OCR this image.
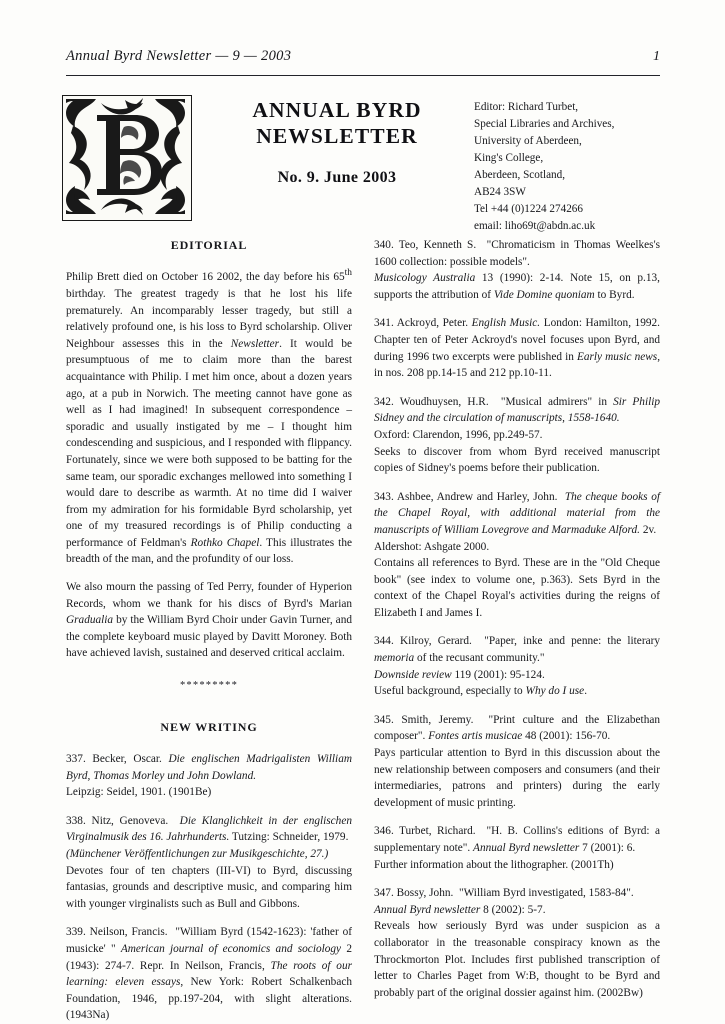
Annual Byrd Newsletter — 9 — 2003	1
ANNUAL BYRD
NEWSLETTER
No. 9. June 2003
Editor: Richard Turbet,
Special Libraries and Archives,
University of Aberdeen,
King's College,
Aberdeen, Scotland,
AB24 3SW
Tel +44 (0)1224 274266
email: liho69t@abdn.ac.uk
EDITORIAL

Philip Brett died on October 16 2002, the day before his 65th birthday. The greatest tragedy is that he lost his life prematurely. An incomparably lesser tragedy, but still a relatively profound one, is his loss to Byrd scholarship. Oliver Neighbour assesses this in the Newsletter. It would be presumptuous of me to claim more than the barest acquaintance with Philip. I met him once, about a dozen years ago, at a pub in Norwich. The meeting cannot have gone as well as I had imagined! In subsequent correspondence – sporadic and usually instigated by me – I thought him condescending and suspicious, and I responded with flippancy. Fortunately, since we were both supposed to be batting for the same team, our sporadic exchanges mellowed into something I would dare to describe as warmth. At no time did I waiver from my admiration for his formidable Byrd scholarship, yet one of my treasured recordings is of Philip conducting a performance of Feldman's Rothko Chapel. This illustrates the breadth of the man, and the profundity of our loss.

We also mourn the passing of Ted Perry, founder of Hyperion Records, whom we thank for his discs of Byrd's Marian Gradualia by the William Byrd Choir under Gavin Turner, and the complete keyboard music played by Davitt Moroney. Both have achieved lavish, sustained and deserved critical acclaim.

*********
NEW WRITING
337. Becker, Oscar. Die englischen Madrigalisten William Byrd, Thomas Morley und John Dowland.
Leipzig: Seidel, 1901. (1901Be)
338. Nitz, Genoveva. Die Klanglichkeit in der englischen Virginalmusik des 16. Jahrhunderts. Tutzing: Schneider, 1979.
(Münchener Veröffentlichungen zur Musikgeschichte, 27.)
Devotes four of ten chapters (III-VI) to Byrd, discussing fantasias, grounds and descriptive music, and comparing him with younger virginalists such as Bull and Gibbons.
339. Neilson, Francis. "William Byrd (1542-1623): 'father of musicke' " American journal of economics and sociology 2 (1943): 274-7. Repr. In Neilson, Francis, The roots of our learning: eleven essays, New York: Robert Schalkenbach Foundation, 1946, pp.197-204, with slight alterations. (1943Na)
340. Teo, Kenneth S. "Chromaticism in Thomas Weelkes's 1600 collection: possible models".
Musicology Australia 13 (1990): 2-14. Note 15, on p.13, supports the attribution of Vide Domine quoniam to Byrd.
341. Ackroyd, Peter. English Music. London: Hamilton, 1992. Chapter ten of Peter Ackroyd's novel focuses upon Byrd, and during 1996 two excerpts were published in Early music news, in nos. 208 pp.14-15 and 212 pp.10-11.
342. Woudhuysen, H.R. "Musical admirers" in Sir Philip Sidney and the circulation of manuscripts, 1558-1640.
Oxford: Clarendon, 1996, pp.249-57.
Seeks to discover from whom Byrd received manuscript copies of Sidney's poems before their publication.
343. Ashbee, Andrew and Harley, John. The cheque books of the Chapel Royal, with additional material from the manuscripts of William Lovegrove and Marmaduke Alford. 2v.
Aldershot: Ashgate 2000.
Contains all references to Byrd. These are in the "Old Cheque book" (see index to volume one, p.363). Sets Byrd in the context of the Chapel Royal's activities during the reigns of Elizabeth I and James I.
344. Kilroy, Gerard. "Paper, inke and penne: the literary memoria of the recusant community."
Downside review 119 (2001): 95-124.
Useful background, especially to Why do I use.
345. Smith, Jeremy. "Print culture and the Elizabethan composer". Fontes artis musicae 48 (2001): 156-70.
Pays particular attention to Byrd in this discussion about the new relationship between composers and consumers (and their intermediaries, patrons and printers) during the early development of music printing.
346. Turbet, Richard. "H. B. Collins's editions of Byrd: a supplementary note". Annual Byrd newsletter 7 (2001): 6.
Further information about the lithographer. (2001Th)
347. Bossy, John. "William Byrd investigated, 1583-84".
Annual Byrd newsletter 8 (2002): 5-7.
Reveals how seriously Byrd was under suspicion as a collaborator in the treasonable conspiracy known as the Throckmorton Plot. Includes first published transcription of letter to Charles Paget from W:B, thought to be Byrd and probably part of the original dossier against him. (2002Bw)
